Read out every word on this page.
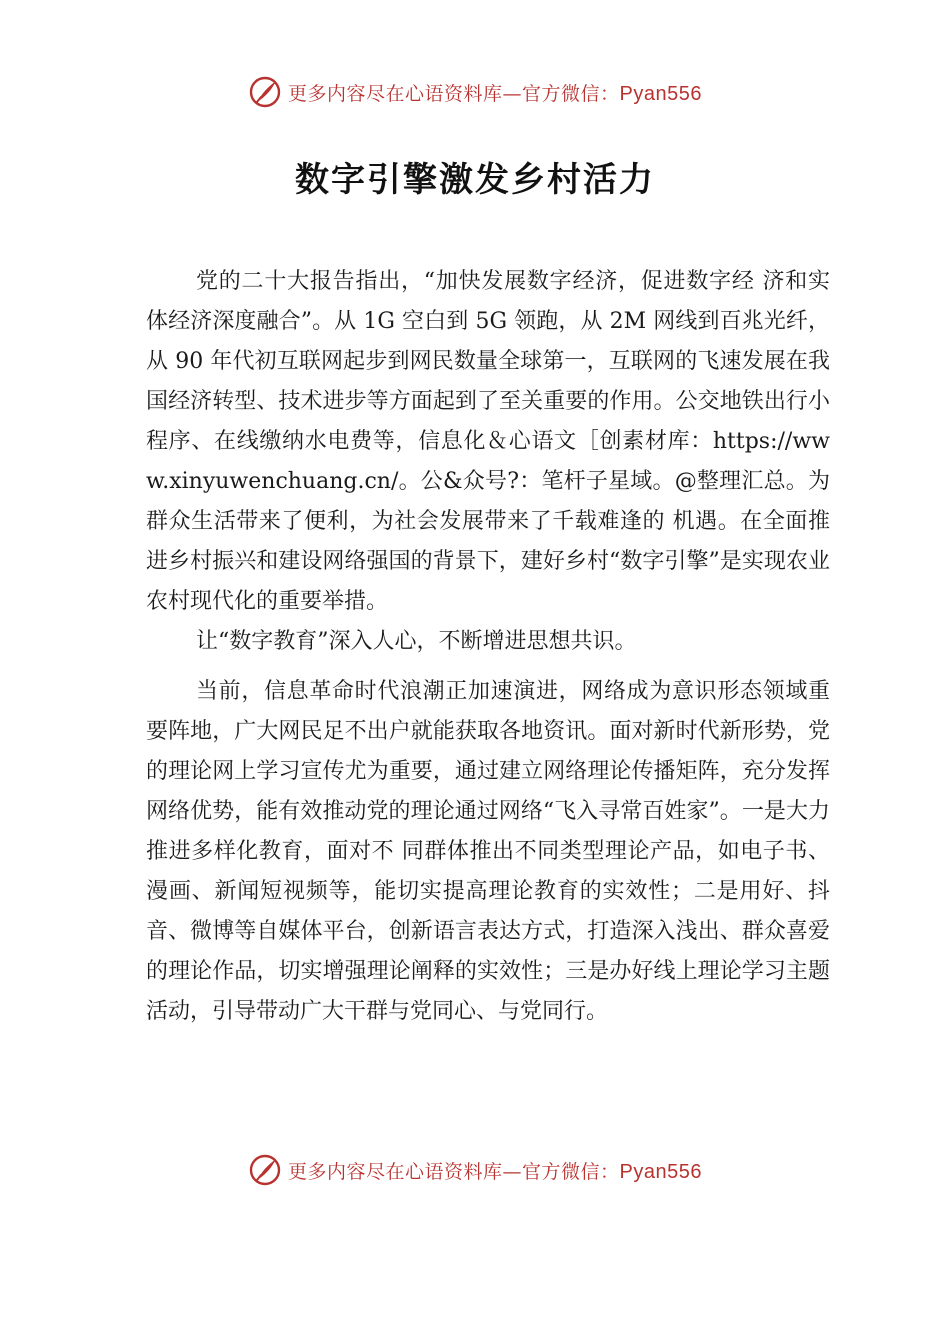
更多内容尽在心语资料库—官方微信：Pyan556
数字引擎激发乡村活力

党的二十大报告指出，“加快发展数字经济，促进数字经 济和实体经济深度融合”。从 1G 空白到 5G 领跑，从 2M 网线到百兆光纤，从 90 年代初互联网起步到网民数量全球第一，互联网的飞速发展在我国经济转型、技术进步等方面起到了至关重要的作用。公交地铁出行小程序、在线缴纳水电费等，信息化＆心语文［创素材库：https://www.xinyuwenchuang.cn/。公&众号?：笔杆子星域。@整理汇总。为群众生活带来了便利，为社会发展带来了千载难逢的 机遇。在全面推进乡村振兴和建设网络强国的背景下，建好乡村“数字引擎”是实现农业农村现代化的重要举措。

让“数字教育”深入人心，不断增进思想共识。

当前，信息革命时代浪潮正加速演进，网络成为意识形态领域重要阵地，广大网民足不出户就能获取各地资讯。面对新时代新形势，党的理论网上学习宣传尤为重要，通过建立网络理论传播矩阵，充分发挥网络优势，能有效推动党的理论通过网络“飞入寻常百姓家”。一是大力推进多样化教育，面对不 同群体推出不同类型理论产品，如电子书、漫画、新闻短视频等，能切实提高理论教育的实效性；二是用好、抖音、微博等自媒体平台，创新语言表达方式，打造深入浅出、群众喜爱的理论作品，切实增强理论阐释的实效性；三是办好线上理论学习主题活动，引导带动广大干群与党同心、与党同行。

更多内容尽在心语资料库—官方微信：Pyan556
